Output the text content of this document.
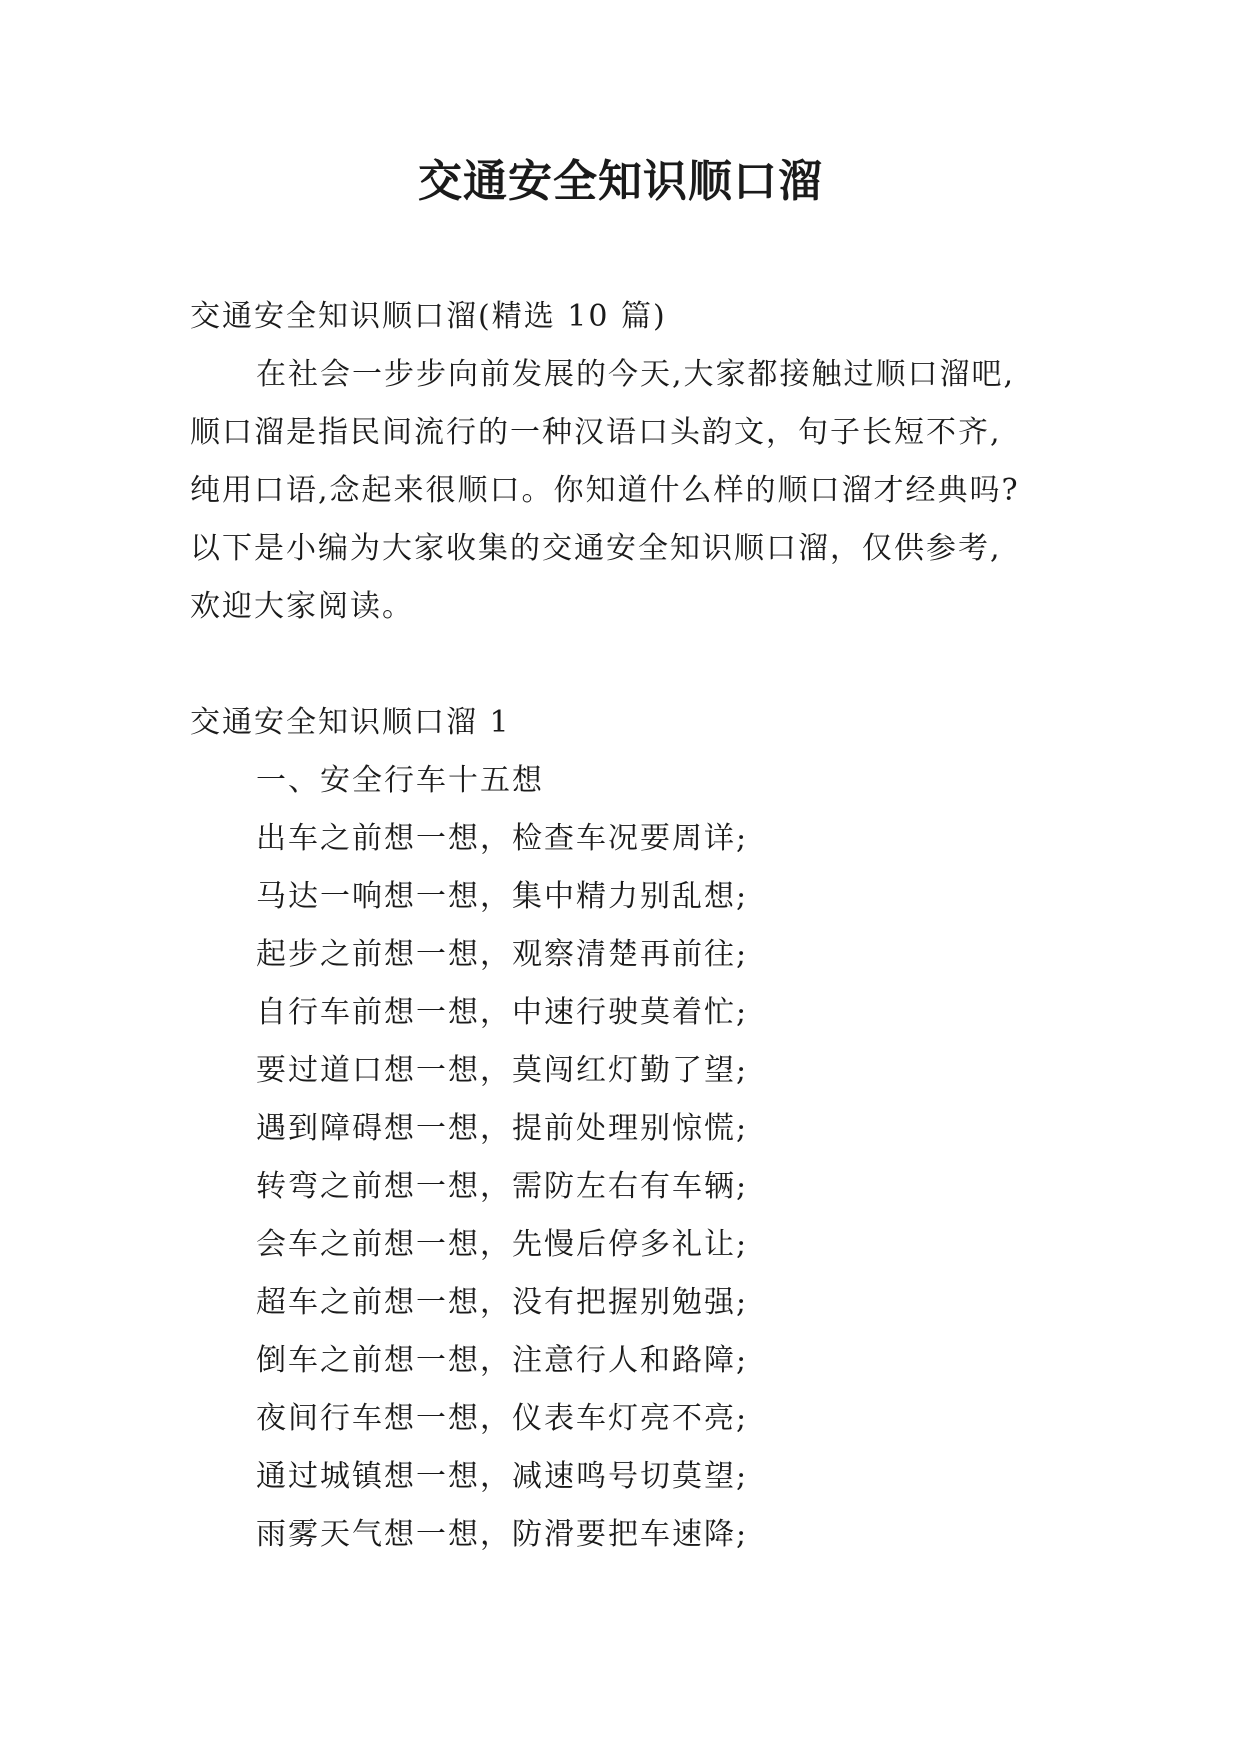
交通安全知识顺口溜
交通安全知识顺口溜(精选 10 篇)
在社会一步步向前发展的今天,大家都接触过顺口溜吧,
顺口溜是指民间流行的一种汉语口头韵文，句子长短不齐,
纯用口语,念起来很顺口。你知道什么样的顺口溜才经典吗?
以下是小编为大家收集的交通安全知识顺口溜，仅供参考,
欢迎大家阅读。
交通安全知识顺口溜 1
一、安全行车十五想
出车之前想一想，检查车况要周详;
马达一响想一想，集中精力别乱想;
起步之前想一想，观察清楚再前往;
自行车前想一想，中速行驶莫着忙;
要过道口想一想，莫闯红灯勤了望;
遇到障碍想一想，提前处理别惊慌;
转弯之前想一想，需防左右有车辆;
会车之前想一想，先慢后停多礼让;
超车之前想一想，没有把握别勉强;
倒车之前想一想，注意行人和路障;
夜间行车想一想，仪表车灯亮不亮;
通过城镇想一想，减速鸣号切莫望;
雨雾天气想一想，防滑要把车速降;
